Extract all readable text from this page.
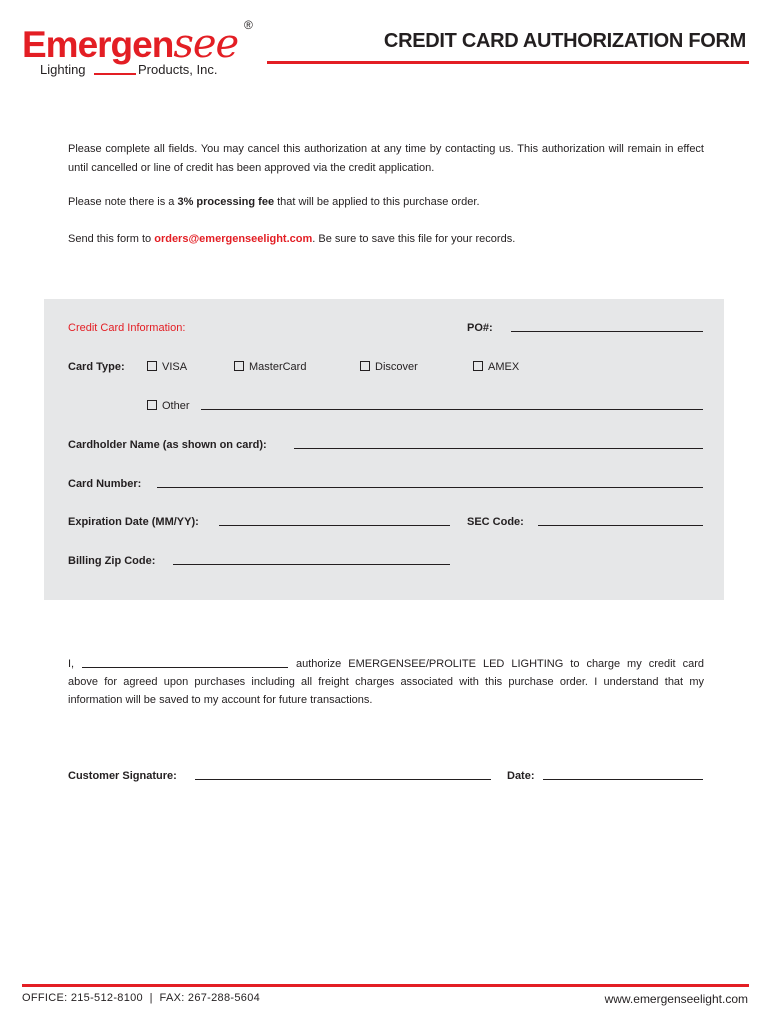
Emergensee ®
Lighting	Products, Inc.
CREDIT CARD AUTHORIZATION FORM
Please complete all fields. You may cancel this authorization at any time by contacting us. This authorization will remain in effect until cancelled or line of credit has been approved via the credit application.
Please note there is a 3% processing fee that will be applied to this purchase order.
Send this form to orders@emergenseelight.com. Be sure to save this file for your records.
Credit Card Information:	PO#:
Card Type:	VISA	MasterCard	Discover	AMEX
Other
Cardholder Name (as shown on card):
Card Number:
Expiration Date (MM/YY):	SEC Code:
Billing Zip Code:
I,	authorize EMERGENSEE/PROLITE LED LIGHTING to charge my credit card above for agreed upon purchases including all freight charges associated with this purchase order. I understand that my information will be saved to my account for future transactions.
Customer Signature:	Date:
OFFICE: 215-512-8100  |  FAX: 267-288-5604	www.emergenseelight.com
